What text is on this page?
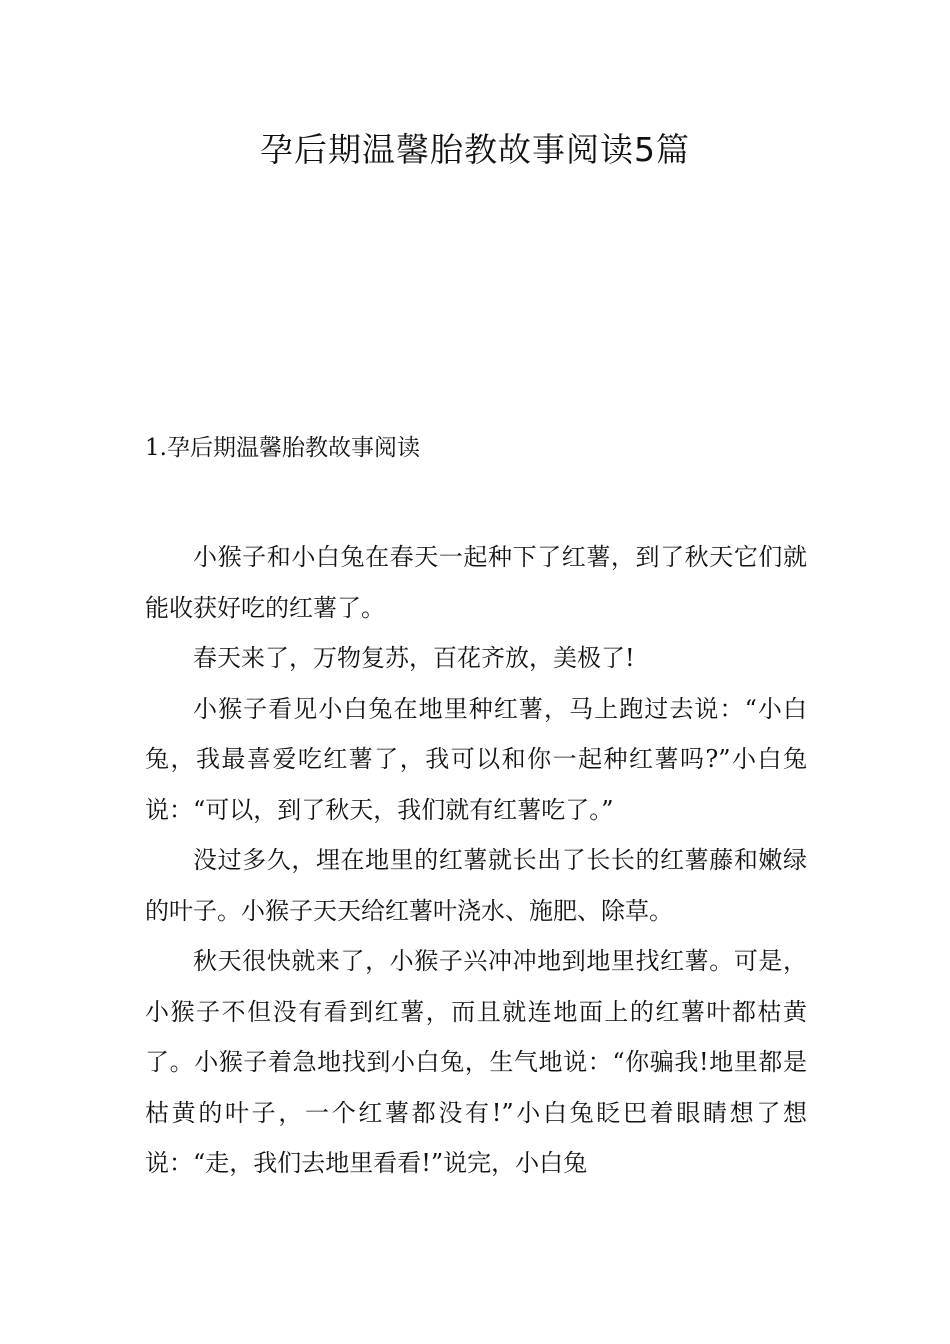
孕后期温馨胎教故事阅读5篇
1.孕后期温馨胎教故事阅读

小猴子和小白兔在春天一起种下了红薯，到了秋天它们就能收获好吃的红薯了。

春天来了，万物复苏，百花齐放，美极了!

小猴子看见小白兔在地里种红薯，马上跑过去说：“小白兔，我最喜爱吃红薯了，我可以和你一起种红薯吗?”小白兔说：“可以，到了秋天，我们就有红薯吃了。”

没过多久，埋在地里的红薯就长出了长长的红薯藤和嫩绿的叶子。小猴子天天给红薯叶浇水、施肥、除草。

秋天很快就来了，小猴子兴冲冲地到地里找红薯。可是，小猴子不但没有看到红薯，而且就连地面上的红薯叶都枯黄了。小猴子着急地找到小白兔，生气地说：“你骗我!地里都是枯黄的叶子，一个红薯都没有!”小白兔眨巴着眼睛想了想说：“走，我们去地里看看!”说完，小白兔
